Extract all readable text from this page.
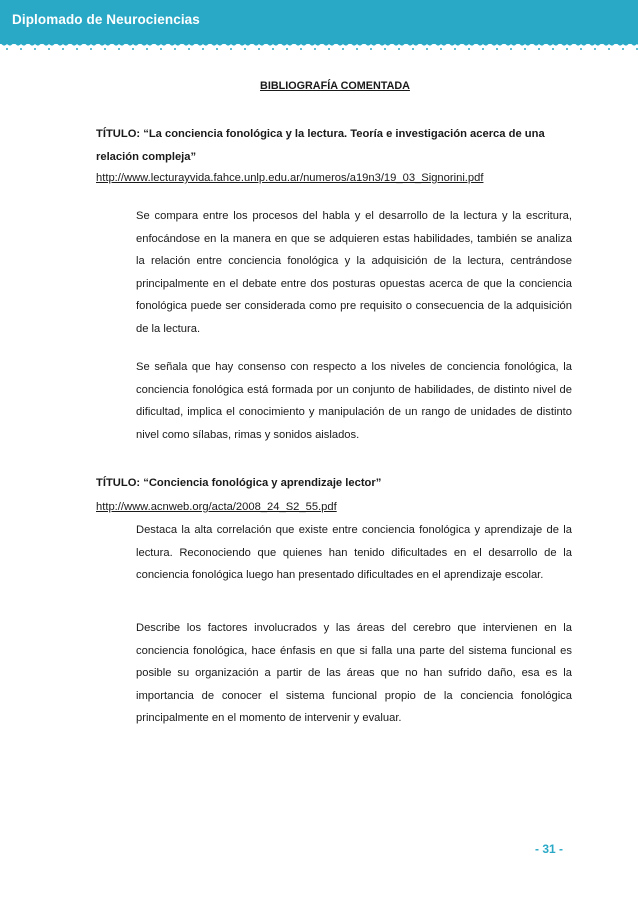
Diplomado de Neurociencias
BIBLIOGRAFÍA COMENTADA
TÍTULO: “La conciencia fonológica y la lectura. Teoría e investigación acerca de una relación compleja”
http://www.lecturayvida.fahce.unlp.edu.ar/numeros/a19n3/19_03_Signorini.pdf
Se compara entre los procesos del habla y el desarrollo de la lectura y la escritura, enfocándose en la manera en que se adquieren estas habilidades, también se analiza la relación entre conciencia fonológica y la adquisición de la lectura, centrándose principalmente en el debate entre dos posturas opuestas acerca de que la conciencia fonológica puede ser considerada como pre requisito o consecuencia de la adquisición de la lectura.
Se señala que hay consenso con respecto a los niveles de conciencia fonológica, la conciencia fonológica está formada por un conjunto de habilidades, de distinto nivel de dificultad, implica el conocimiento y manipulación de un rango de unidades de distinto nivel como sílabas, rimas y sonidos aislados.
TÍTULO: “Conciencia fonológica y aprendizaje lector”
http://www.acnweb.org/acta/2008_24_S2_55.pdf
Destaca la alta correlación que existe entre conciencia fonológica y aprendizaje de la lectura. Reconociendo que quienes han tenido dificultades en el desarrollo de la conciencia fonológica luego han presentado dificultades en el aprendizaje escolar.
Describe los factores involucrados y las áreas del cerebro que intervienen en la conciencia fonológica, hace énfasis en que si falla una parte del sistema funcional es posible su organización a partir de las áreas que no han sufrido daño, esa es la importancia de conocer el sistema funcional propio de la conciencia fonológica principalmente en el momento de intervenir y evaluar.
- 31 -
